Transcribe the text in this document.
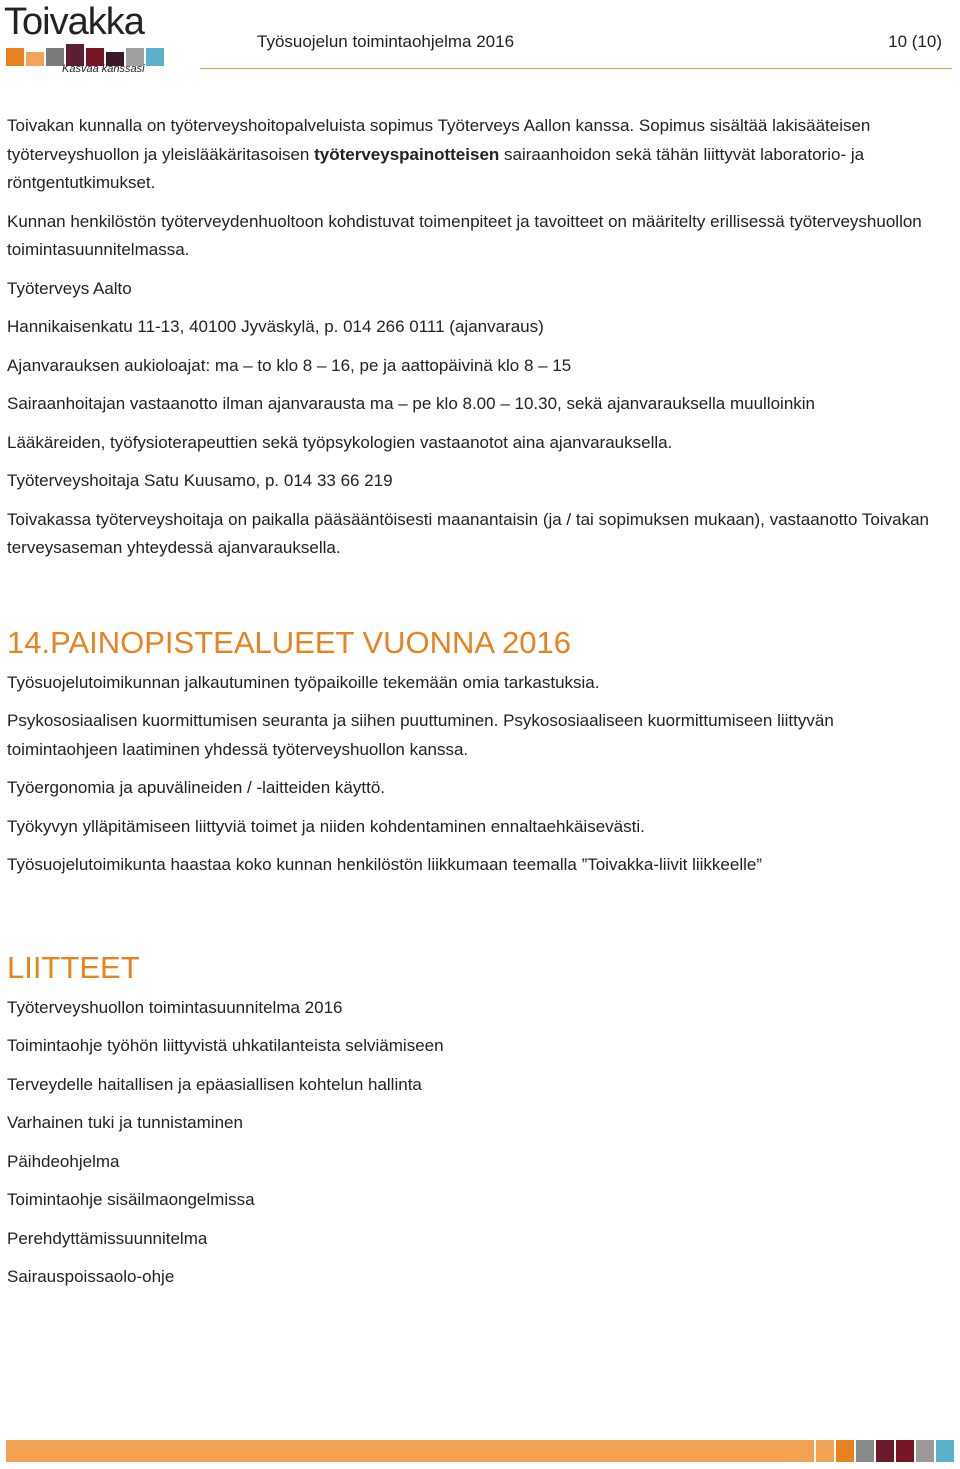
Toivakka
Kasvaa kanssasi
Työsuojelun toimintaohjelma 2016	10 (10)

Toivakan kunnalla on työterveyshoitopalveluista sopimus Työterveys Aallon kanssa. Sopimus sisältää lakisääteisen työterveyshuollon ja yleislääkäritasoisen työterveyspainotteisen sairaanhoidon sekä tähän liittyvät laboratorio- ja röntgentutkimukset.

Kunnan henkilöstön työterveydenhuoltoon kohdistuvat toimenpiteet ja tavoitteet on määritelty erillisessä työterveyshuollon toimintasuunnitelmassa.

Työterveys Aalto

Hannikaisenkatu 11-13, 40100 Jyväskylä, p. 014 266 0111 (ajanvaraus)

Ajanvarauksen aukioloajat: ma – to klo 8 – 16, pe ja aattopäivinä klo 8 – 15

Sairaanhoitajan vastaanotto ilman ajanvarausta ma – pe klo 8.00 – 10.30, sekä ajanvarauksella muulloinkin

Lääkäreiden, työfysioterapeuttien sekä työpsykologien vastaanotot aina ajanvarauksella.

Työterveyshoitaja Satu Kuusamo, p. 014 33 66 219

Toivakassa työterveyshoitaja on paikalla pääsääntöisesti maanantaisin (ja / tai sopimuksen mukaan), vastaanotto Toivakan terveysaseman yhteydessä ajanvarauksella.

14.PAINOPISTEALUEET VUONNA 2016

Työsuojelutoimikunnan jalkautuminen työpaikoille tekemään omia tarkastuksia.

Psykososiaalisen kuormittumisen seuranta ja siihen puuttuminen. Psykososiaaliseen kuormittumiseen liittyvän toimintaohjeen laatiminen yhdessä työterveyshuollon kanssa.

Työergonomia ja apuvälineiden / -laitteiden käyttö.

Työkyvyn ylläpitämiseen liittyviä toimet ja niiden kohdentaminen ennaltaehkäisevästi.

Työsuojelutoimikunta haastaa koko kunnan henkilöstön liikkumaan teemalla ”Toivakka-liivit liikkeelle”

LIITTEET

Työterveyshuollon toimintasuunnitelma 2016

Toimintaohje työhön liittyvistä uhkatilanteista selviämiseen

Terveydelle haitallisen ja epäasiallisen kohtelun hallinta

Varhainen tuki ja tunnistaminen

Päihdeohjelma

Toimintaohje sisäilmaongelmissa

Perehdyttämissuunnitelma

Sairauspoissaolo-ohje
